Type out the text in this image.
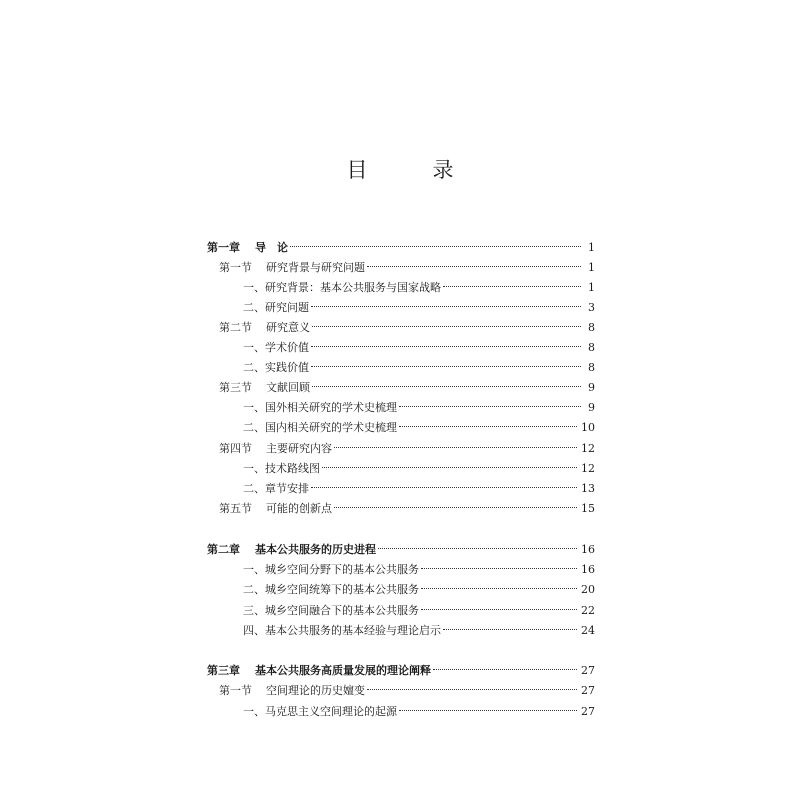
目　录
第一章	导　论	1
第一节	研究背景与研究问题	1
一、研究背景：基本公共服务与国家战略	1
二、研究问题	3
第二节	研究意义	8
一、学术价值	8
二、实践价值	8
第三节	文献回顾	9
一、国外相关研究的学术史梳理	9
二、国内相关研究的学术史梳理	10
第四节	主要研究内容	12
一、技术路线图	12
二、章节安排	13
第五节	可能的创新点	15
第二章	基本公共服务的历史进程	16
一、城乡空间分野下的基本公共服务	16
二、城乡空间统筹下的基本公共服务	20
三、城乡空间融合下的基本公共服务	22
四、基本公共服务的基本经验与理论启示	24
第三章	基本公共服务高质量发展的理论阐释	27
第一节	空间理论的历史嬗变	27
一、马克思主义空间理论的起源	27
